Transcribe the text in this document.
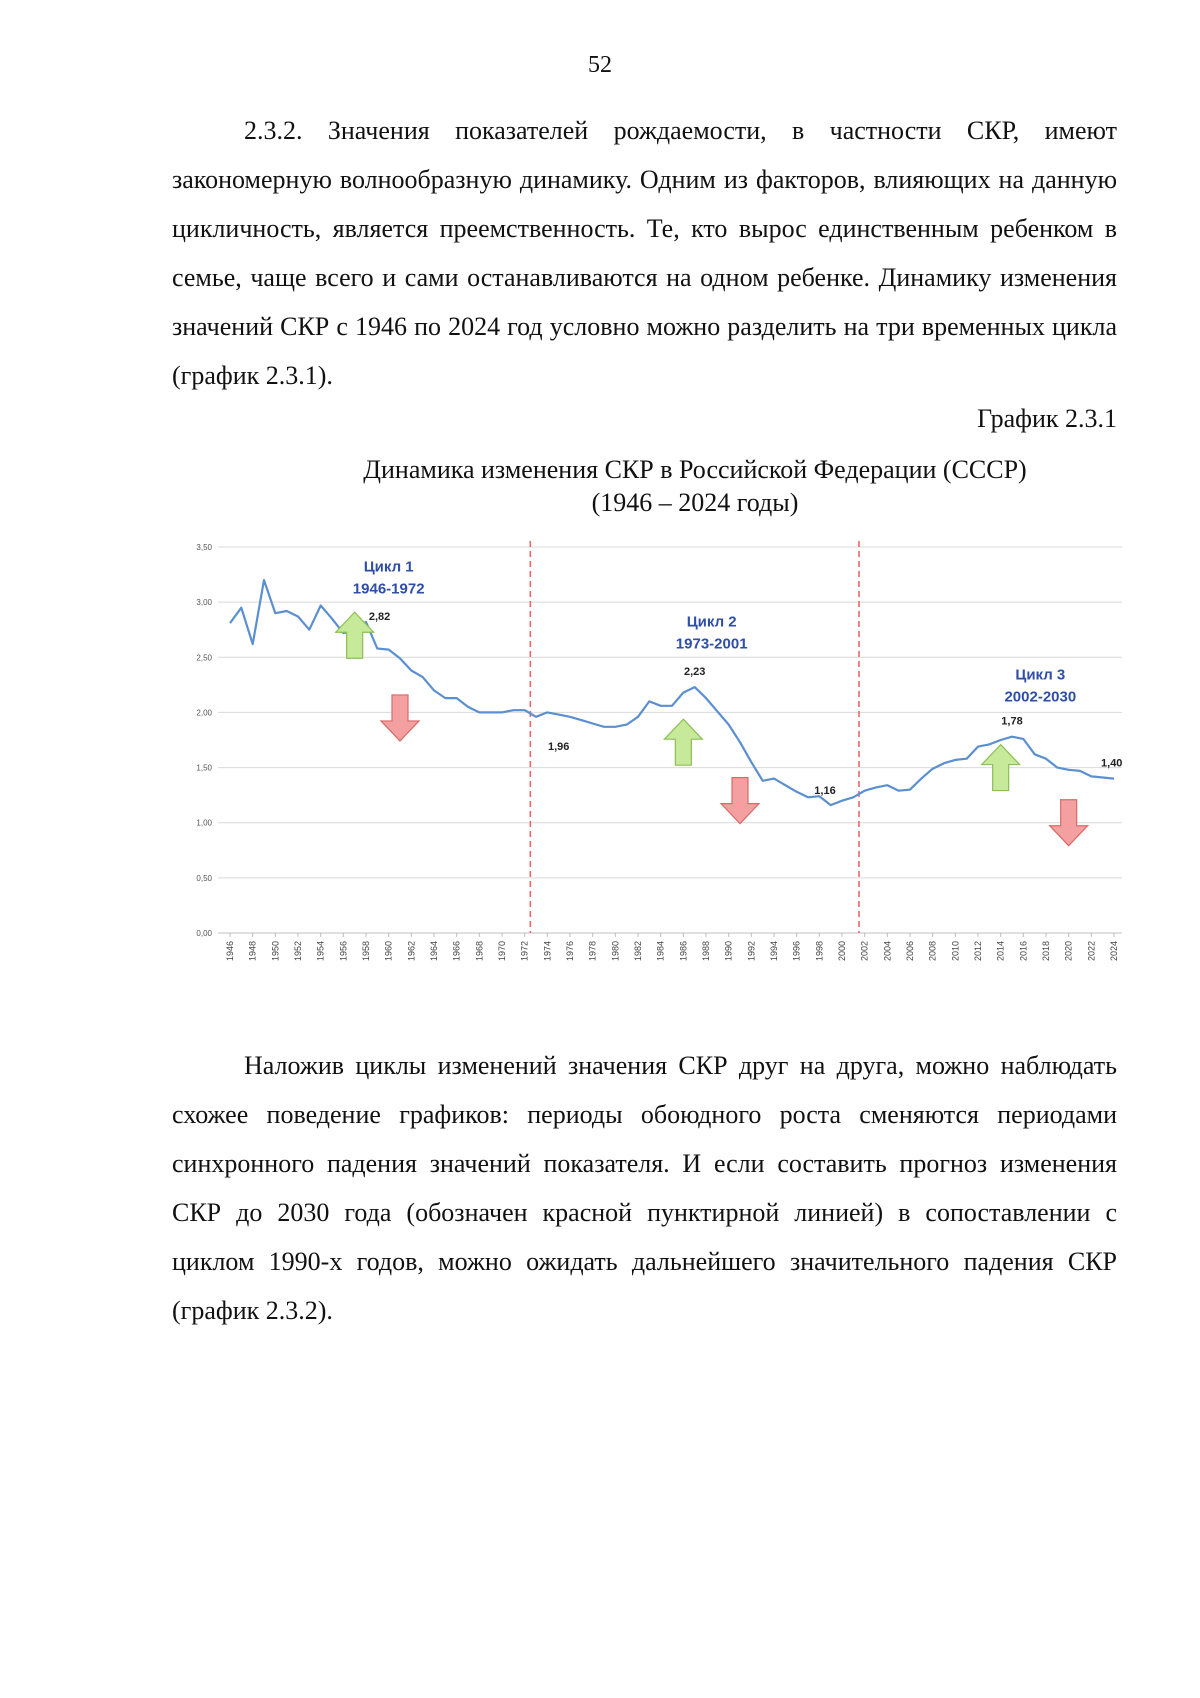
52

2.3.2. Значения показателей рождаемости, в частности СКР, имеют закономерную волнообразную динамику. Одним из факторов, влияющих на данную цикличность, является преемственность. Те, кто вырос единственным ребенком в семье, чаще всего и сами останавливаются на одном ребенке. Динамику изменения значений СКР с 1946 по 2024 год условно можно разделить на три временных цикла (график 2.3.1).

График 2.3.1
Динамика изменения СКР в Российской Федерации (СССР)
(1946 – 2024 годы)
0,00
0,50
1,00
1,50
2,00
2,50
3,00
3,50
1946 1948 1950 1952 1954 1956 1958 1960 1962 1964 1966 1968 1970 1972 1974 1976 1978 1980 1982 1984 1986 1988 1990 1992 1994 1996 1998 2000 2002 2004 2006 2008 2010 2012 2014 2016 2018 2020 2022 2024
Цикл 1
1946-1972
Цикл 2
1973-2001
Цикл 3
2002-2030
2,82
1,96
2,23
1,16
1,78
1,40

Наложив циклы изменений значения СКР друг на друга, можно наблюдать схожее поведение графиков: периоды обоюдного роста сменяются периодами синхронного падения значений показателя. И если составить прогноз изменения СКР до 2030 года (обозначен красной пунктирной линией) в сопоставлении с циклом 1990-х годов, можно ожидать дальнейшего значительного падения СКР (график 2.3.2).
